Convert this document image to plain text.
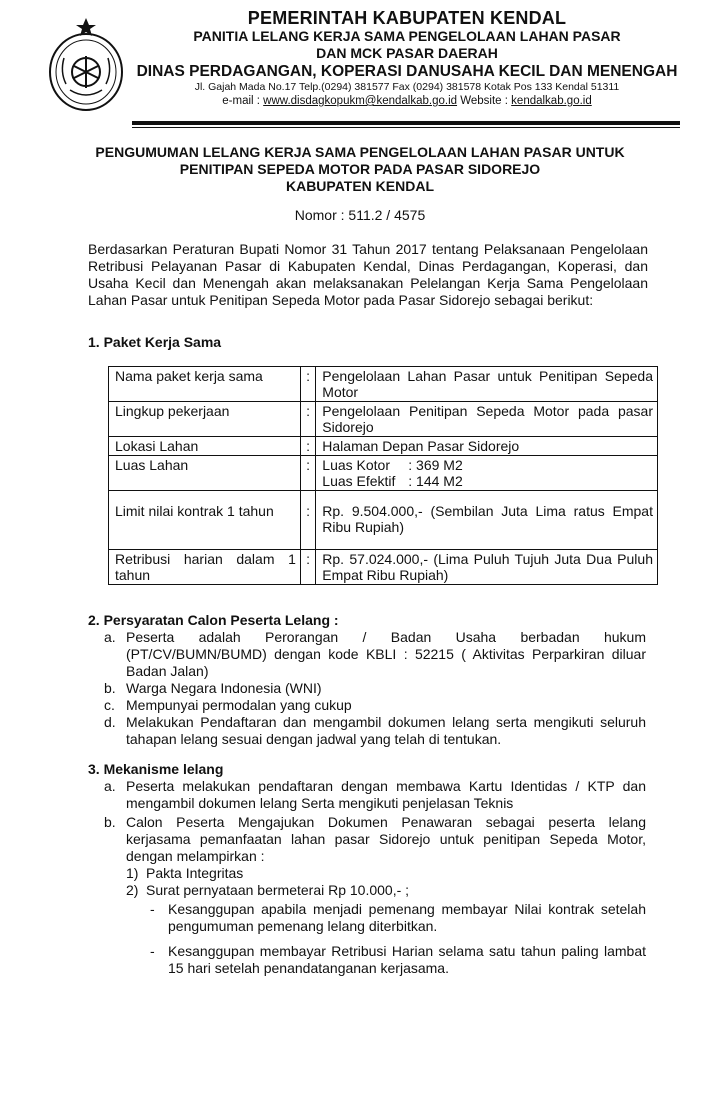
PEMERINTAH KABUPATEN KENDAL
PANITIA LELANG KERJA SAMA PENGELOLAAN LAHAN PASAR
DAN MCK PASAR DAERAH
DINAS PERDAGANGAN, KOPERASI DANUSAHA KECIL DAN MENENGAH
Jl. Gajah Mada No.17 Telp.(0294) 381577 Fax (0294) 381578 Kotak Pos 133 Kendal 51311
e-mail : www.disdagkopukm@kendalkab.go.id Website : kendalkab.go.id
PENGUMUMAN LELANG KERJA SAMA PENGELOLAAN LAHAN PASAR UNTUK
PENITIPAN SEPEDA MOTOR PADA PASAR SIDOREJO
KABUPATEN KENDAL
Nomor : 511.2 / 4575
Berdasarkan Peraturan Bupati Nomor 31 Tahun 2017 tentang Pelaksanaan Pengelolaan Retribusi Pelayanan Pasar di Kabupaten Kendal, Dinas Perdagangan, Koperasi, dan Usaha Kecil dan Menengah akan melaksanakan Pelelangan Kerja Sama Pengelolaan Lahan Pasar untuk Penitipan Sepeda Motor pada Pasar Sidorejo sebagai berikut:
1. Paket Kerja Sama
Nama paket kerja sama	:	Pengelolaan Lahan Pasar untuk Penitipan Sepeda Motor
Lingkup pekerjaan	:	Pengelolaan Penitipan Sepeda Motor pada pasar Sidorejo
Lokasi Lahan	:	Halaman Depan Pasar Sidorejo
Luas Lahan	:	Luas Kotor : 369 M2
Luas Efektif : 144 M2

Limit nilai kontrak 1 tahun	:	Rp. 9.504.000,- (Sembilan Juta Lima ratus Empat Ribu Rupiah)
Retribusi harian dalam 1 tahun	:	Rp. 57.024.000,- (Lima Puluh Tujuh Juta Dua Puluh Empat Ribu Rupiah)
2. Persyaratan Calon Peserta Lelang :
a. Peserta adalah Perorangan / Badan Usaha berbadan hukum (PT/CV/BUMN/BUMD) dengan kode KBLI : 52215 ( Aktivitas Perparkiran diluar Badan Jalan)
b. Warga Negara Indonesia (WNI)
c. Mempunyai permodalan yang cukup
d. Melakukan Pendaftaran dan mengambil dokumen lelang serta mengikuti seluruh tahapan lelang sesuai dengan jadwal yang telah di tentukan.
3. Mekanisme lelang
a. Peserta melakukan pendaftaran dengan membawa Kartu Identidas / KTP dan mengambil dokumen lelang Serta mengikuti penjelasan Teknis
b. Calon Peserta Mengajukan Dokumen Penawaran sebagai peserta lelang kerjasama pemanfaatan lahan pasar Sidorejo untuk penitipan Sepeda Motor, dengan melampirkan :
1) Pakta Integritas
2) Surat pernyataan bermeterai Rp 10.000,- ;
- Kesanggupan apabila menjadi pemenang membayar Nilai kontrak setelah pengumuman pemenang lelang diterbitkan.
- Kesanggupan membayar Retribusi Harian selama satu tahun paling lambat 15 hari setelah penandatanganan kerjasama.
